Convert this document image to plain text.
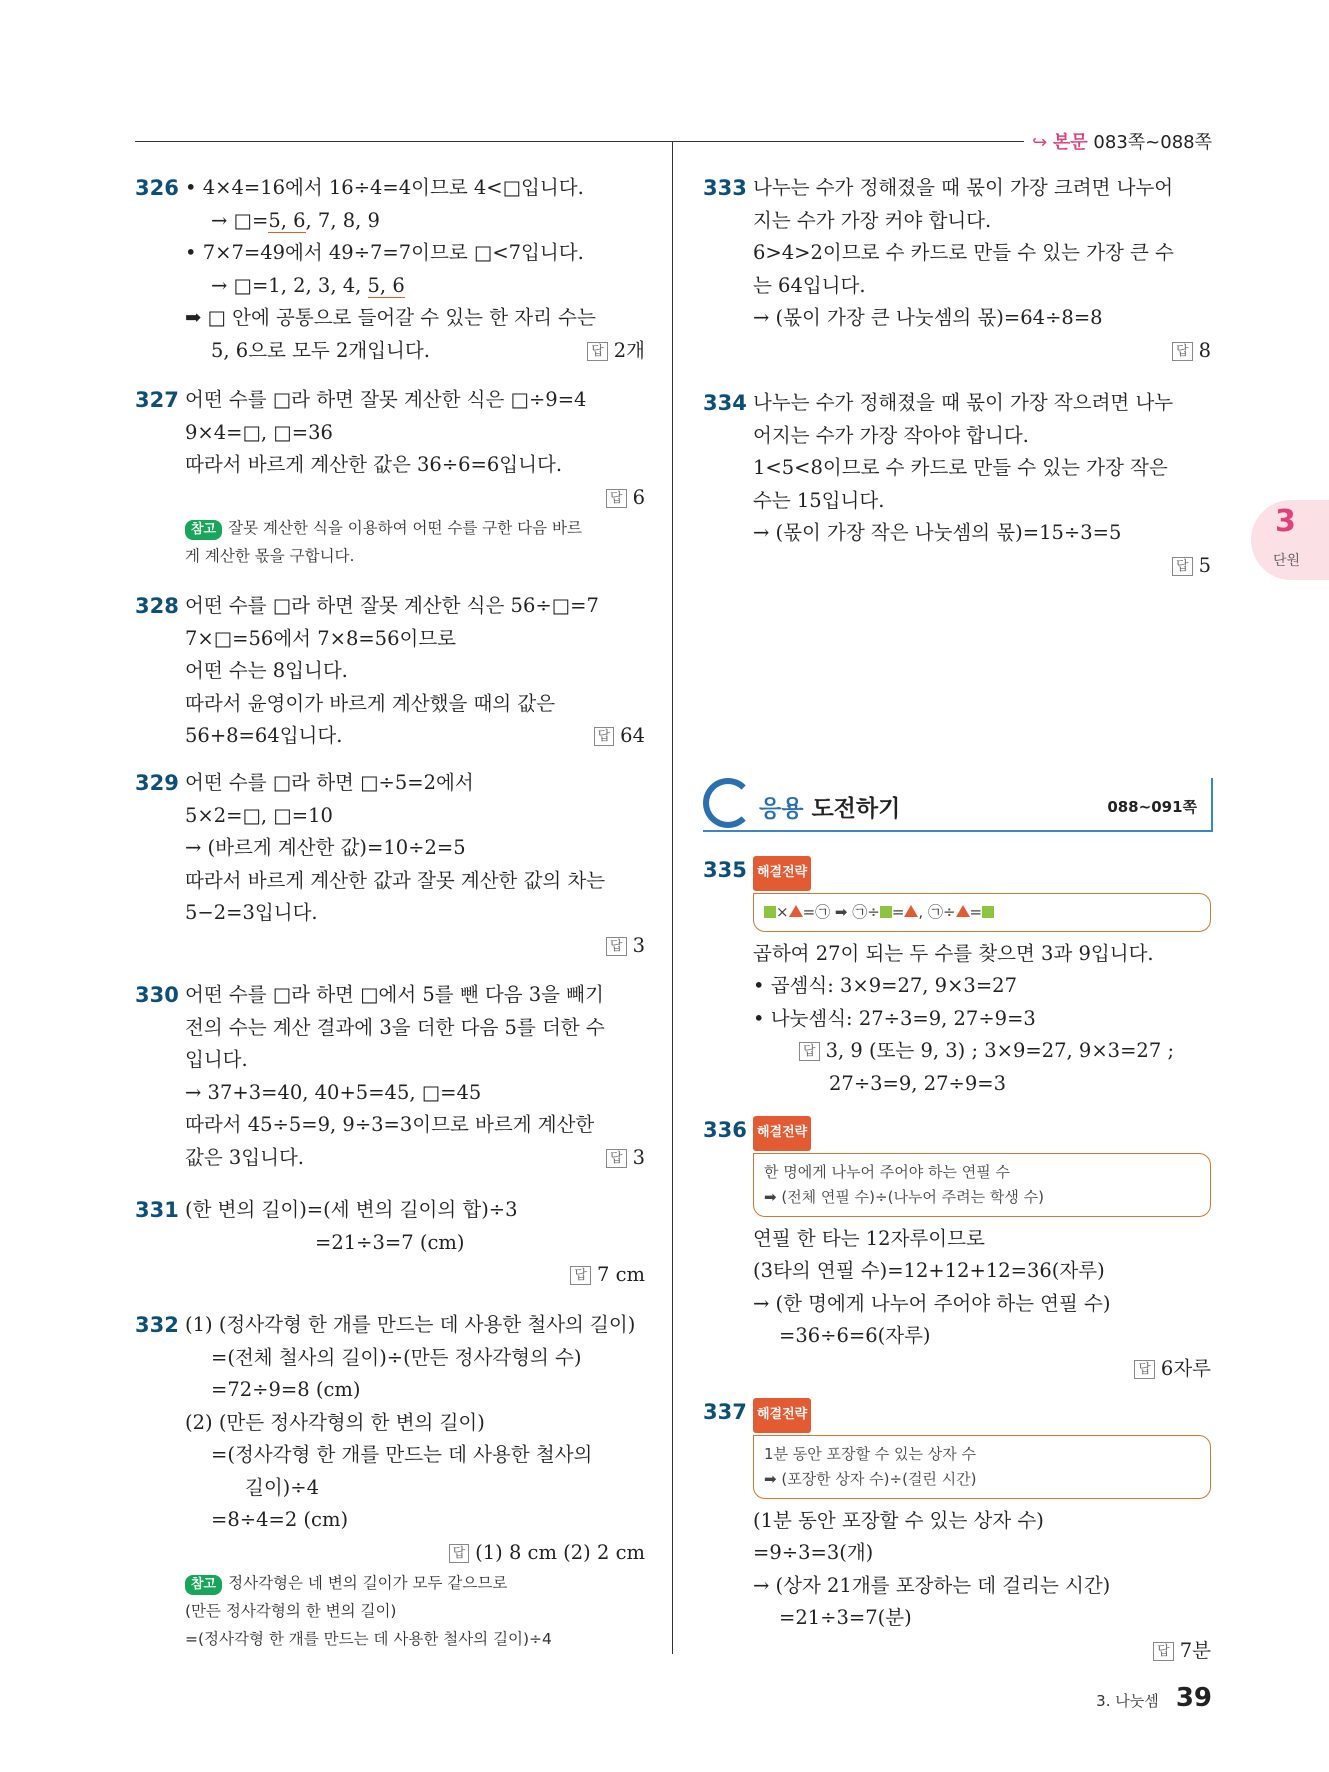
↪ 본문 083쪽~088쪽
326 • 4×4=16에서 16÷4=4이므로 4<□입니다.
→ □=5, 6, 7, 8, 9
• 7×7=49에서 49÷7=7이므로 □<7입니다.
→ □=1, 2, 3, 4, 5, 6
➡ □ 안에 공통으로 들어갈 수 있는 한 자리 수는
5, 6으로 모두 2개입니다.	답 2개
327 어떤 수를 □라 하면 잘못 계산한 식은 □÷9=4
9×4=□, □=36
따라서 바르게 계산한 값은 36÷6=6입니다.
답 6
참고 잘못 계산한 식을 이용하여 어떤 수를 구한 다음 바르
게 계산한 몫을 구합니다.
328 어떤 수를 □라 하면 잘못 계산한 식은 56÷□=7
7×□=56에서 7×8=56이므로
어떤 수는 8입니다.
따라서 윤영이가 바르게 계산했을 때의 값은
56+8=64입니다.	답 64
329 어떤 수를 □라 하면 □÷5=2에서
5×2=□, □=10
→ (바르게 계산한 값)=10÷2=5
따라서 바르게 계산한 값과 잘못 계산한 값의 차는
5−2=3입니다.
답 3
330 어떤 수를 □라 하면 □에서 5를 뺀 다음 3을 빼기
전의 수는 계산 결과에 3을 더한 다음 5를 더한 수
입니다.
→ 37+3=40, 40+5=45, □=45
따라서 45÷5=9, 9÷3=3이므로 바르게 계산한
값은 3입니다.	답 3
331 (한 변의 길이)=(세 변의 길이의 합)÷3
=21÷3=7 (cm)
답 7 cm
332 (1) (정사각형 한 개를 만드는 데 사용한 철사의 길이)
=(전체 철사의 길이)÷(만든 정사각형의 수)
=72÷9=8 (cm)
(2) (만든 정사각형의 한 변의 길이)
=(정사각형 한 개를 만드는 데 사용한 철사의
길이)÷4
=8÷4=2 (cm)
답 (1) 8 cm (2) 2 cm
참고 정사각형은 네 변의 길이가 모두 같으므로
(만든 정사각형의 한 변의 길이)
=(정사각형 한 개를 만드는 데 사용한 철사의 길이)÷4
333 나누는 수가 정해졌을 때 몫이 가장 크려면 나누어
지는 수가 가장 커야 합니다.
6>4>2이므로 수 카드로 만들 수 있는 가장 큰 수
는 64입니다.
→ (몫이 가장 큰 나눗셈의 몫)=64÷8=8
답 8
334 나누는 수가 정해졌을 때 몫이 가장 작으려면 나누
어지는 수가 가장 작아야 합니다.
1<5<8이므로 수 카드로 만들 수 있는 가장 작은
수는 15입니다.
→ (몫이 가장 작은 나눗셈의 몫)=15÷3=5
답 5
응용 도전하기	088~091쪽
335 해결전략
× =㉠ ➡ ㉠÷ = , ㉠÷ =
곱하여 27이 되는 두 수를 찾으면 3과 9입니다.
• 곱셈식: 3×9=27, 9×3=27
• 나눗셈식: 27÷3=9, 27÷9=3
답 3, 9 (또는 9, 3) ; 3×9=27, 9×3=27 ;
27÷3=9, 27÷9=3
336 해결전략
한 명에게 나누어 주어야 하는 연필 수
➡ (전체 연필 수)÷(나누어 주려는 학생 수)
연필 한 타는 12자루이므로
(3타의 연필 수)=12+12+12=36(자루)
→ (한 명에게 나누어 주어야 하는 연필 수)
=36÷6=6(자루)
답 6자루
337 해결전략
1분 동안 포장할 수 있는 상자 수
➡ (포장한 상자 수)÷(걸린 시간)
(1분 동안 포장할 수 있는 상자 수)
=9÷3=3(개)
→ (상자 21개를 포장하는 데 걸리는 시간)
=21÷3=7(분)
답 7분
3
단원
3. 나눗셈 39
